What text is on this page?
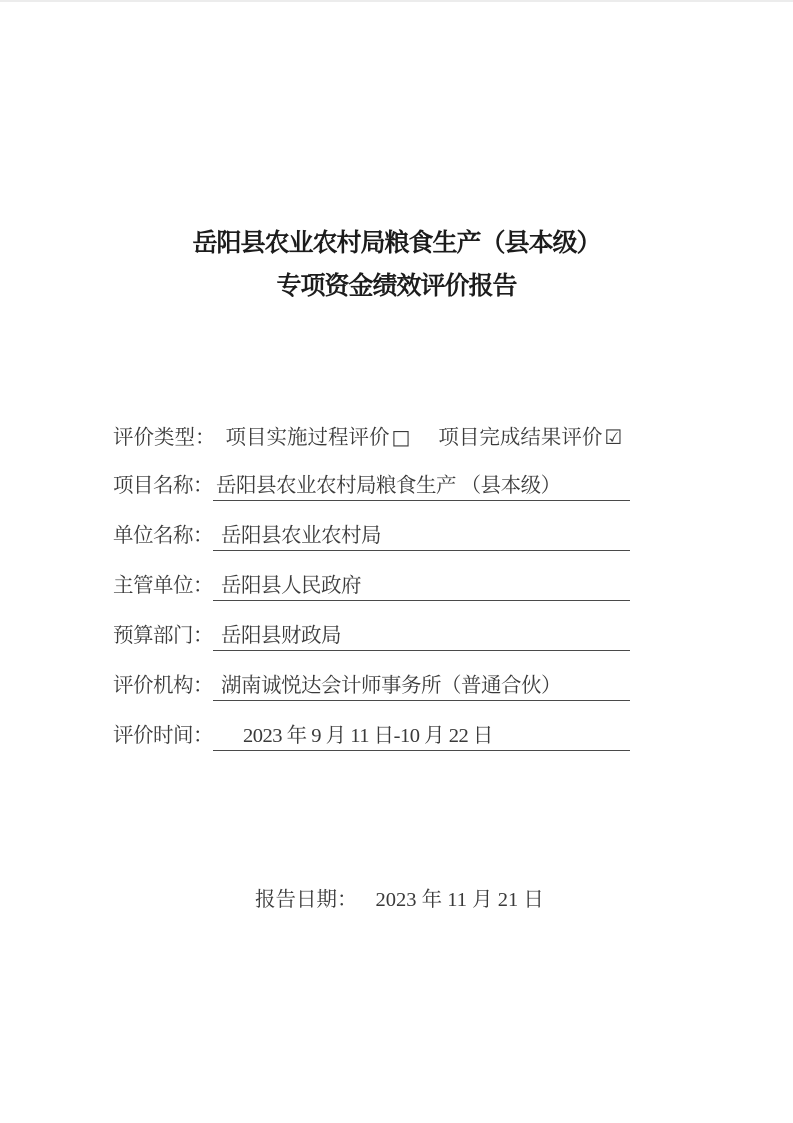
岳阳县农业农村局粮食生产（县本级）
专项资金绩效评价报告
评价类型： 项目实施过程评价 □ 项目完成结果评价 ☑
项目名称： 岳阳县农业农村局粮食生产 （县本级）
单位名称： 岳阳县农业农村局
主管单位： 岳阳县人民政府
预算部门： 岳阳县财政局
评价机构： 湖南诚悦达会计师事务所（普通合伙）
评价时间：	2023 年 9 月 11 日-10 月 22 日
报告日期： 2023 年 11 月 21 日
